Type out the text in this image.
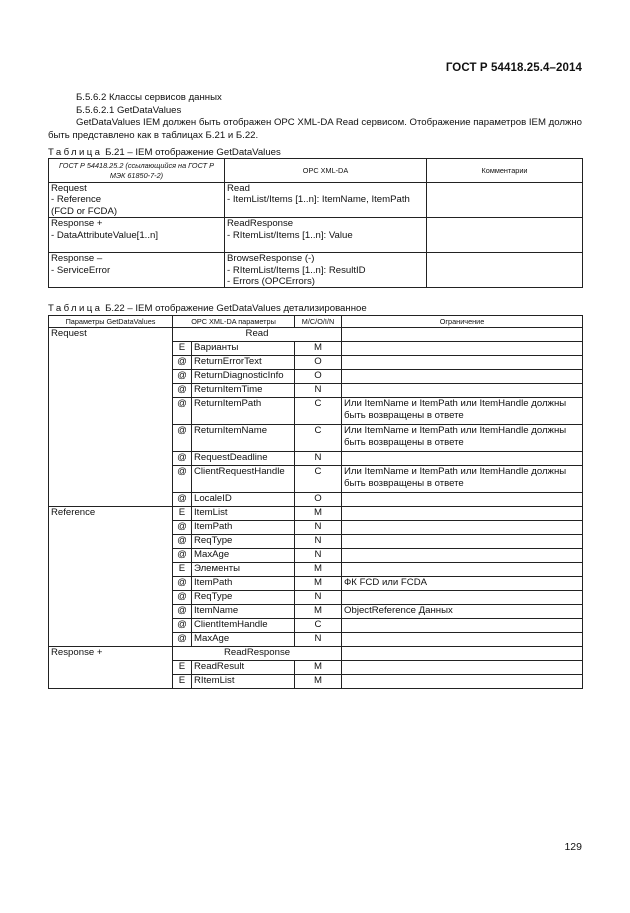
ГОСТ Р 54418.25.4–2014

Б.5.6.2 Классы сервисов данных

Б.5.6.2.1 GetDataValues

GetDataValues IEM должен быть отображен OPC XML-DA Read сервисом. Отображение параметров IEM должно быть представлено как в таблицах Б.21 и Б.22.

Таблица Б.21 – IEM отображение GetDataValues
ГОСТ Р 54418.25.2 (ссылающийся на ГОСТ Р МЭК 61850-7-2)	OPC XML-DA	Комментарии
Request
- Reference
(FCD or FCDA)	Read
- ItemList/Items [1..n]: ItemName, ItemPath	
Response +
- DataAttributeValue[1..n]	ReadResponse
- RItemList/Items [1..n]: Value	
Response –
- ServiceError	BrowseResponse (-)
- RItemList/Items [1..n]: ResultID
- Errors (OPCErrors)	
Таблица Б.22 – IEM отображение GetDataValues детализированное
Параметры GetDataValues	OPC XML-DA параметры		M/C/O/I/N	Ограничение
Request	Read			
	E	Варианты	M	
	@	ReturnErrorText	O	
	@	ReturnDiagnosticInfo	O	
	@	ReturnItemTime	N	
	@	ReturnItemPath	C	Или ItemName и ItemPath или ItemHandle должны быть возвращены в ответе
	@	ReturnItemName	C	Или ItemName и ItemPath или ItemHandle должны быть возвращены в ответе
	@	RequestDeadline	N	
	@	ClientRequestHandle	C	Или ItemName и ItemPath или ItemHandle должны быть возвращены в ответе
	@	LocaleID	O	
Reference	E	ItemList	M	
	@	ItemPath	N	
	@	ReqType	N	
	@	MaxAge	N	
	E	Элементы	M	
	@	ItemPath	M	ФК FCD или FCDA
	@	ReqType	N	
	@	ItemName	M	ObjectReference Данных
	@	ClientItemHandle	C	
	@	MaxAge	N	
Response +	ReadResponse			
	E	ReadResult	M	
	E	RItemList	M	
129
